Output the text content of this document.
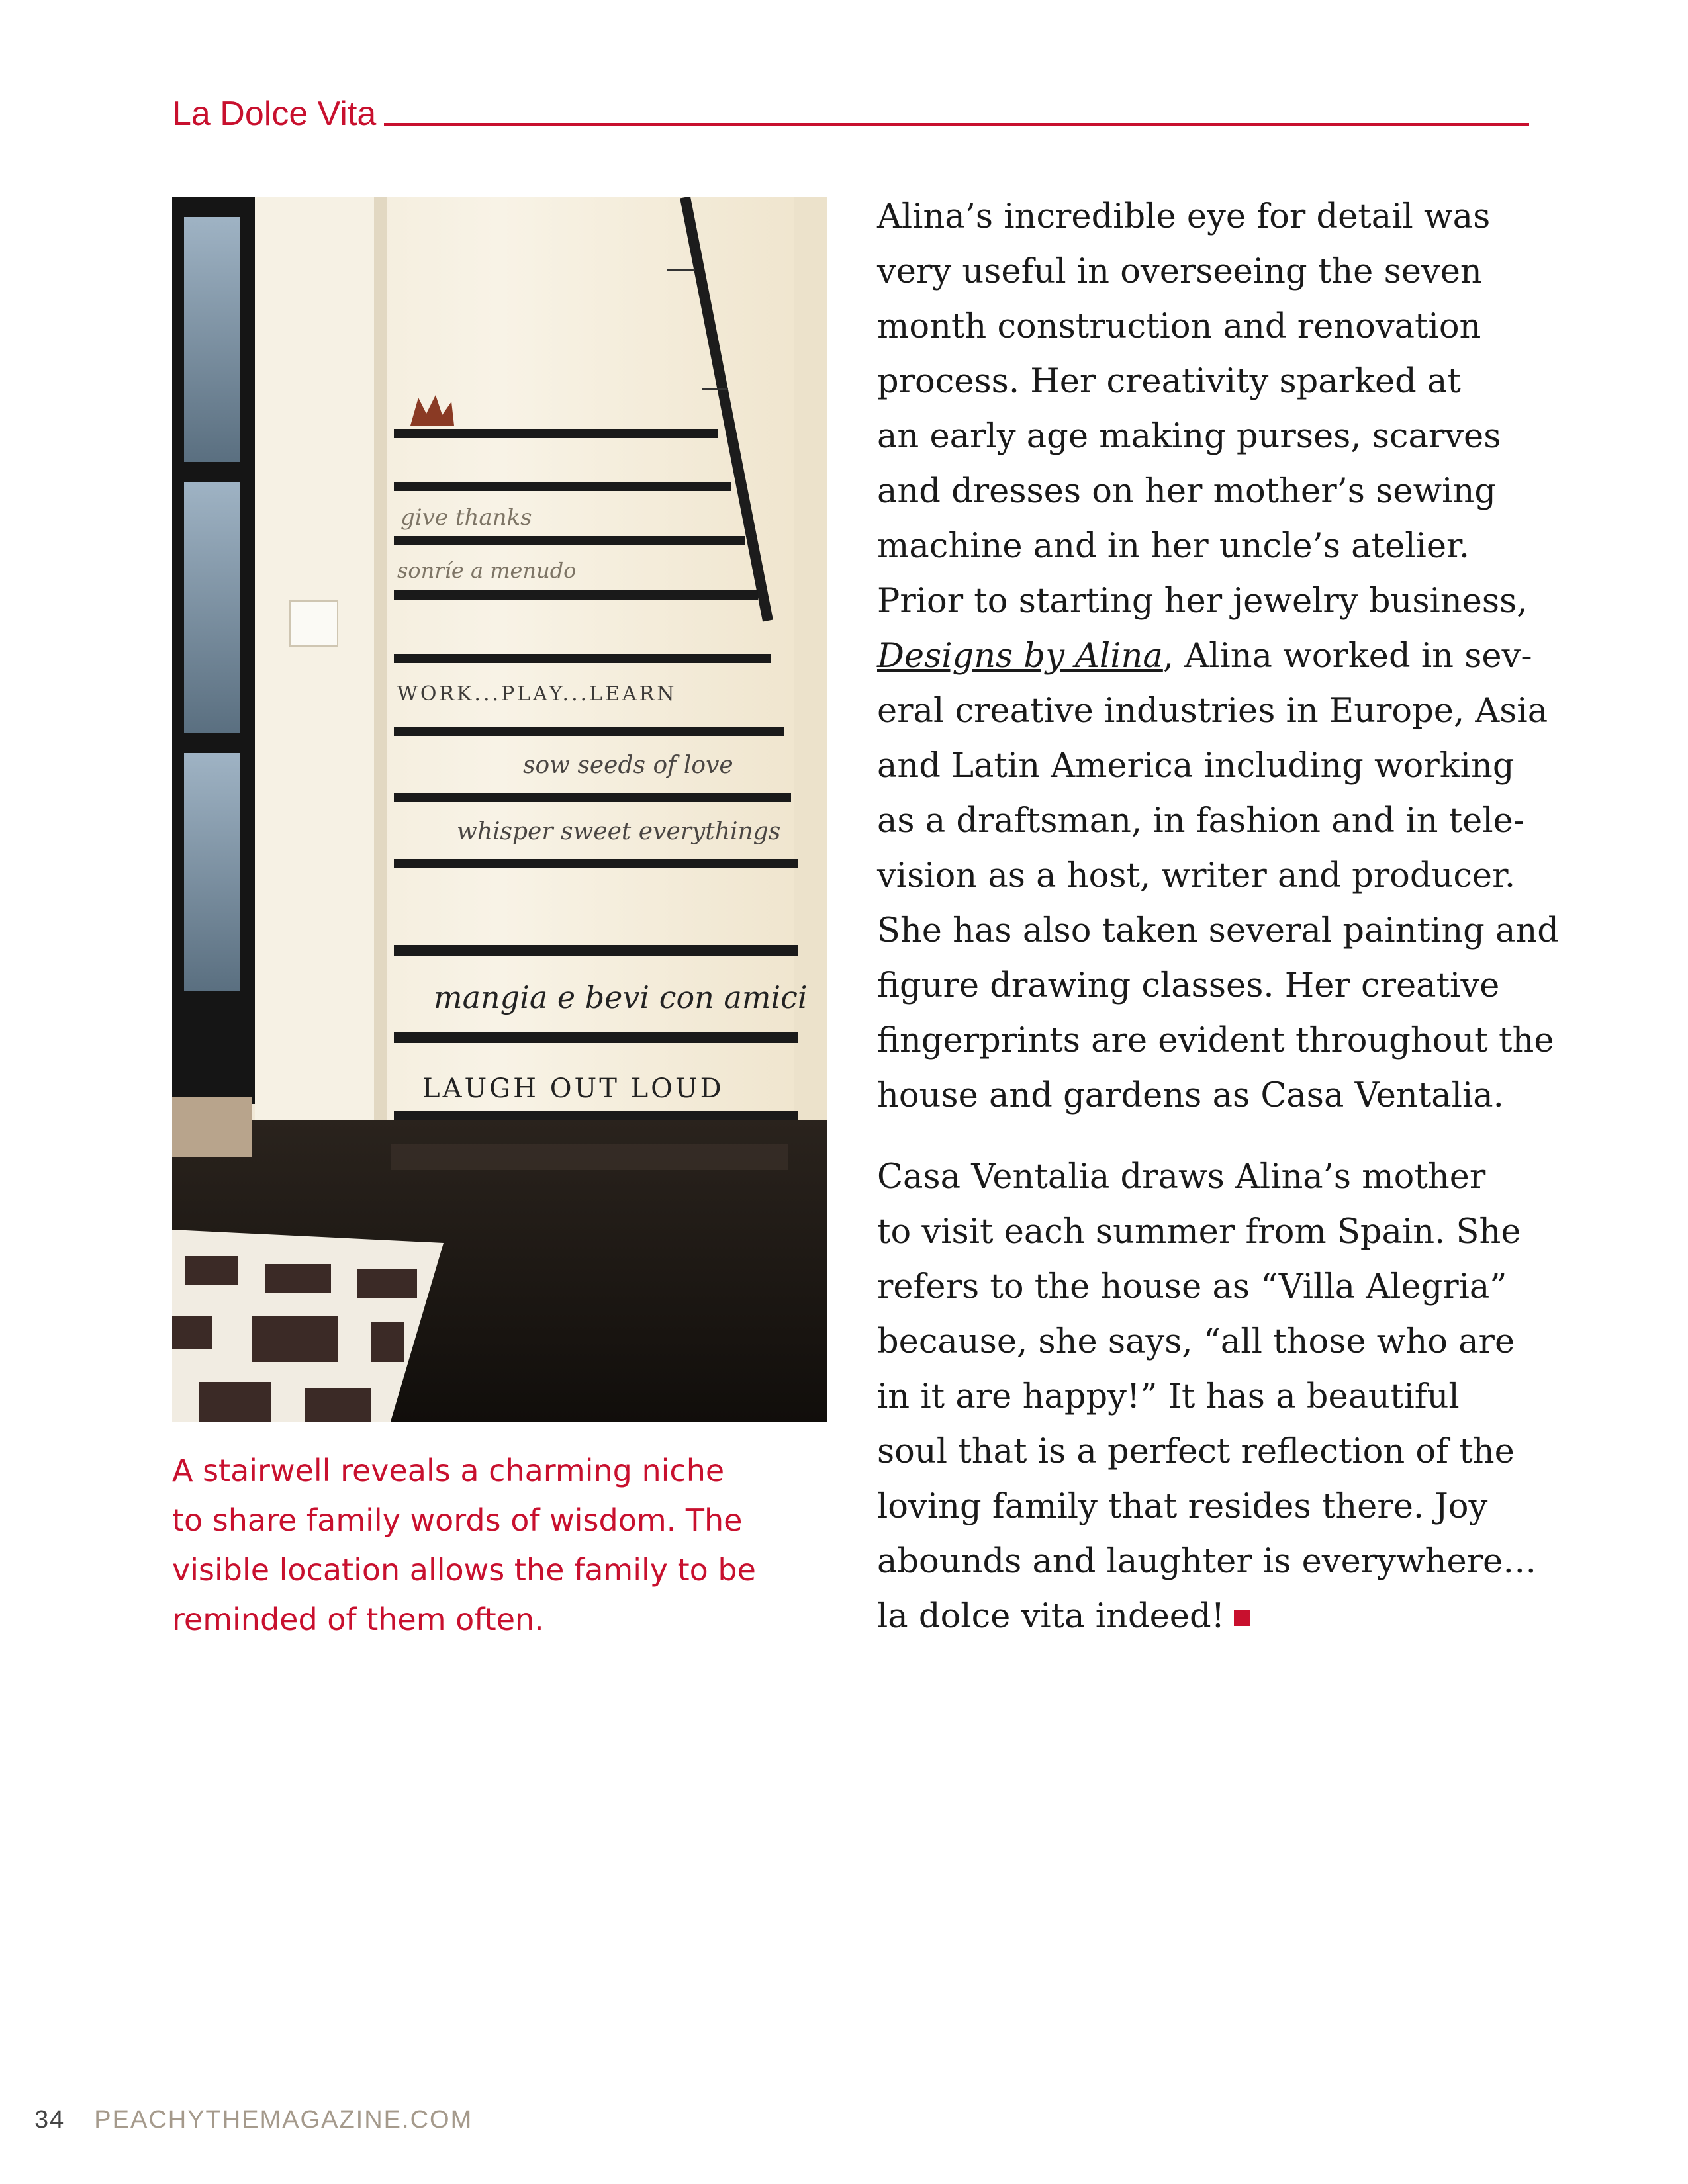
La Dolce Vita
give thanks
sonríe a menudo
WORK...PLAY...LEARN
sow seeds of love
whisper sweet everythings
mangia e bevi con amici
LAUGH OUT LOUD
A stairwell reveals a charming niche
to share family words of wisdom. The
visible location allows the family to be
reminded of them often.
Alina’s incredible eye for detail was
very useful in overseeing the seven
month construction and renovation
process. Her creativity sparked at
an early age making purses, scarves
and dresses on her mother’s sewing
machine and in her uncle’s atelier.
Prior to starting her jewelry business,
Designs by Alina, Alina worked in sev-
eral creative industries in Europe, Asia
and Latin America including working
as a draftsman, in fashion and in tele-
vision as a host, writer and producer.
She has also taken several painting and
figure drawing classes. Her creative
fingerprints are evident throughout the
house and gardens as Casa Ventalia.
Casa Ventalia draws Alina’s mother
to visit each summer from Spain. She
refers to the house as “Villa Alegria”
because, she says, “all those who are
in it are happy!” It has a beautiful
soul that is a perfect reflection of the
loving family that resides there. Joy
abounds and laughter is everywhere…
la dolce vita indeed!
34 PEACHYTHEMAGAZINE.COM
